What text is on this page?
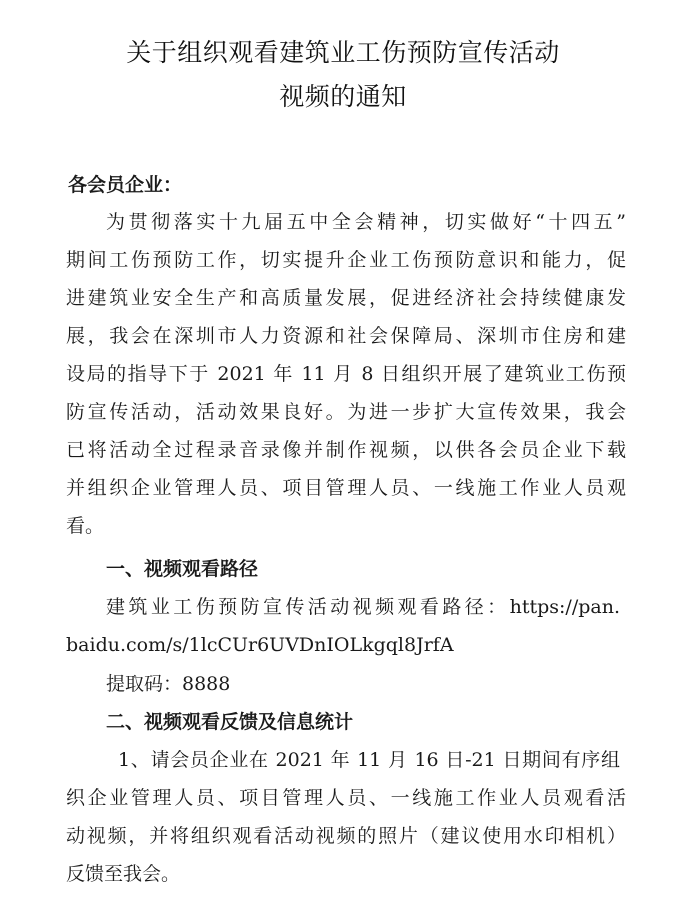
关于组织观看建筑业工伤预防宣传活动
视频的通知
各会员企业：
为贯彻落实十九届五中全会精神，切实做好“十四五”
期间工伤预防工作，切实提升企业工伤预防意识和能力，促
进建筑业安全生产和高质量发展，促进经济社会持续健康发
展，我会在深圳市人力资源和社会保障局、深圳市住房和建
设局的指导下于 2021 年 11 月 8 日组织开展了建筑业工伤预
防宣传活动，活动效果良好。为进一步扩大宣传效果，我会
已将活动全过程录音录像并制作视频，以供各会员企业下载
并组织企业管理人员、项目管理人员、一线施工作业人员观
看。
一、视频观看路径
建筑业工伤预防宣传活动视频观看路径：https://pan.
baidu.com/s/1lcCUr6UVDnIOLkgql8JrfA
提取码：8888
二、视频观看反馈及信息统计
1、请会员企业在 2021 年 11 月 16 日-21 日期间有序组
织企业管理人员、项目管理人员、一线施工作业人员观看活
动视频，并将组织观看活动视频的照片（建议使用水印相机）
反馈至我会。
